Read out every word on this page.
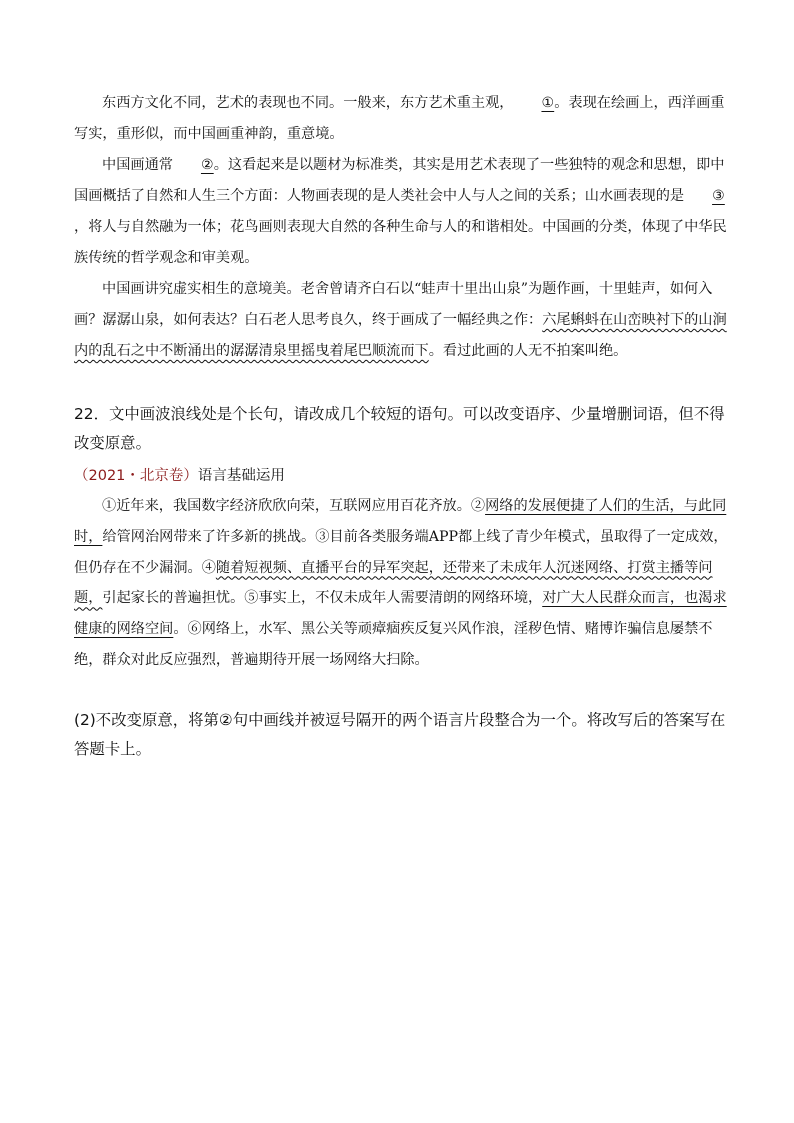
东西方文化不同，艺术的表现也不同。一般来，东方艺术重主观， ①。表现在绘画上，西洋画重写实，重形似，而中国画重神韵，重意境。

中国画通常 ②。这看起来是以题材为标准类，其实是用艺术表现了一些独特的观念和思想，即中国画概括了自然和人生三个方面：人物画表现的是人类社会中人与人之间的关系；山水画表现的是 ③，将人与自然融为一体；花鸟画则表现大自然的各种生命与人的和谐相处。中国画的分类，体现了中华民族传统的哲学观念和审美观。

中国画讲究虚实相生的意境美。老舍曾请齐白石以“蛙声十里出山泉”为题作画，十里蛙声，如何入画？潺潺山泉，如何表达？白石老人思考良久，终于画成了一幅经典之作：六尾蝌蚪在山峦映衬下的山涧内的乱石之中不断涌出的潺潺清泉里摇曳着尾巴顺流而下。看过此画的人无不拍案叫绝。

22．文中画波浪线处是个长句，请改成几个较短的语句。可以改变语序、少量增删词语，但不得改变原意。

（2021・北京卷）语言基础运用

①近年来，我国数字经济欣欣向荣，互联网应用百花齐放。②网络的发展便捷了人们的生活，与此同时，给管网治网带来了许多新的挑战。③目前各类服务端APP都上线了青少年模式，虽取得了一定成效，但仍存在不少漏洞。④随着短视频、直播平台的异军突起，还带来了未成年人沉迷网络、打赏主播等问题，引起家长的普遍担忧。⑤事实上，不仅未成年人需要清朗的网络环境，对广大人民群众而言，也渴求健康的网络空间。⑥网络上，水军、黑公关等顽瘴痼疾反复兴风作浪，淫秽色情、赌博诈骗信息屡禁不绝，群众对此反应强烈，普遍期待开展一场网络大扫除。

(2)不改变原意，将第②句中画线并被逗号隔开的两个语言片段整合为一个。将改写后的答案写在答题卡上。
